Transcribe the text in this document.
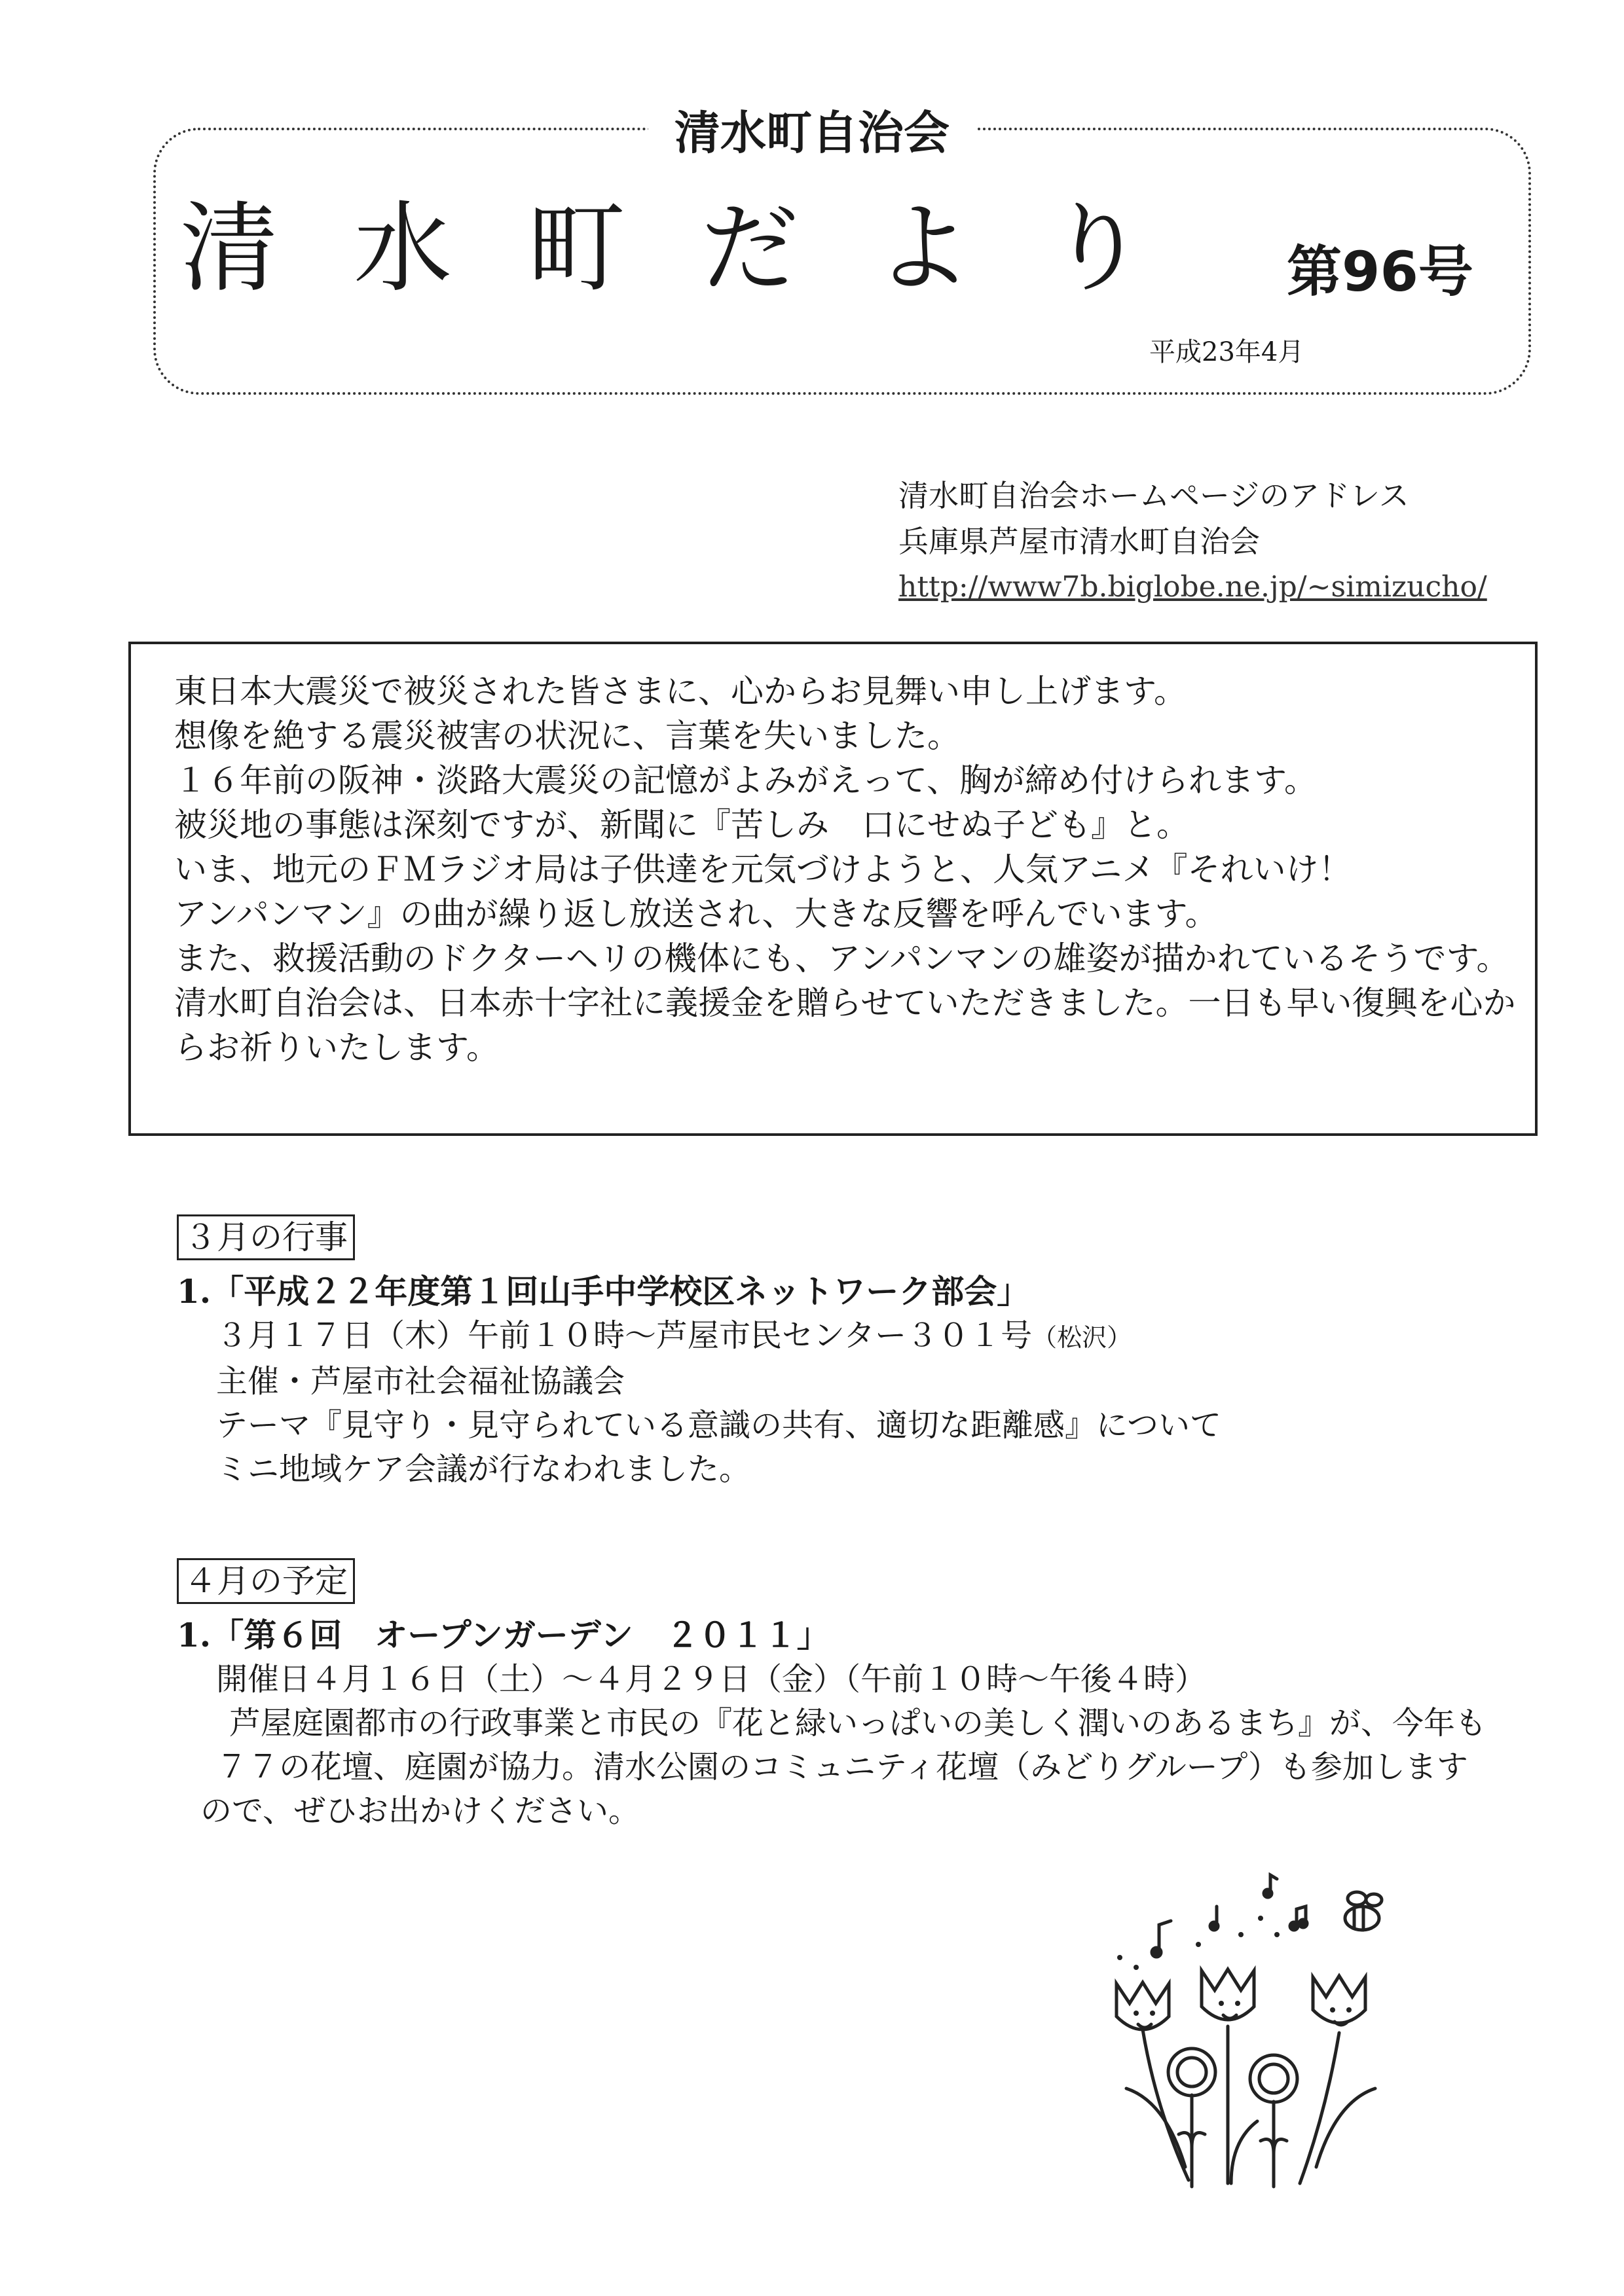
清水町自治会
清水町だより 第96号
平成23年4月
清水町自治会ホームページのアドレス
兵庫県芦屋市清水町自治会
http://www7b.biglobe.ne.jp/~simizucho/
東日本大震災で被災された皆さまに、心からお見舞い申し上げます。
想像を絶する震災被害の状況に、言葉を失いました。
１６年前の阪神・淡路大震災の記憶がよみがえって、胸が締め付けられます。
被災地の事態は深刻ですが、新聞に『苦しみ　口にせぬ子ども』と。
いま、地元のＦＭラジオ局は子供達を元気づけようと、人気アニメ『それいけ！
アンパンマン』の曲が繰り返し放送され、大きな反響を呼んでいます。
また、救援活動のドクターヘリの機体にも、アンパンマンの雄姿が描かれているそうです。
清水町自治会は、日本赤十字社に義援金を贈らせていただきました。一日も早い復興を心か
らお祈りいたします。
３月の行事
1.「平成２２年度第１回山手中学校区ネットワーク部会」
３月１７日（木）午前１０時～芦屋市民センター３０１号（松沢）
主催・芦屋市社会福祉協議会
テーマ『見守り・見守られている意識の共有、適切な距離感』について
ミニ地域ケア会議が行なわれました。
４月の予定
1.「第６回　オープンガーデン　２０１１」
開催日４月１６日（土）～４月２９日（金）（午前１０時～午後４時）
芦屋庭園都市の行政事業と市民の『花と緑いっぱいの美しく潤いのあるまち』が、今年も
７７の花壇、庭園が協力。清水公園のコミュニティ花壇（みどりグループ）も参加します
ので、ぜひお出かけください。
